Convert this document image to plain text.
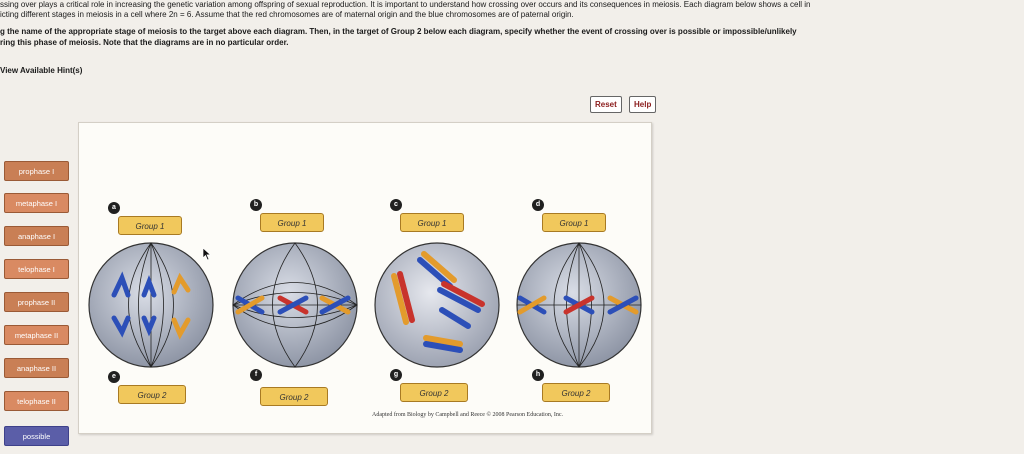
ssing over plays a critical role in increasing the genetic variation among offspring of sexual reproduction. It is important to understand how crossing over occurs and its consequences in meiosis. Each diagram below shows a cell in
icting different stages in meiosis in a cell where 2n = 6. Assume that the red chromosomes are of maternal origin and the blue chromosomes are of paternal origin.
g the name of the appropriate stage of meiosis to the target above each diagram. Then, in the target of Group 2 below each diagram, specify whether the event of crossing over is possible or impossible/unlikely
ring this phase of meiosis. Note that the diagrams are in no particular order.
View Available Hint(s)
Reset	Help
prophase I
metaphase I
anaphase I
telophase I
prophase II
metaphase II
anaphase II
telophase II
possible
a	b	c	d
e	f	g	h
Group 1	Group 1	Group 1	Group 1
Group 2	Group 2	Group 2	Group 2
Adapted from Biology by Campbell and Reece © 2008 Pearson Education, Inc.
